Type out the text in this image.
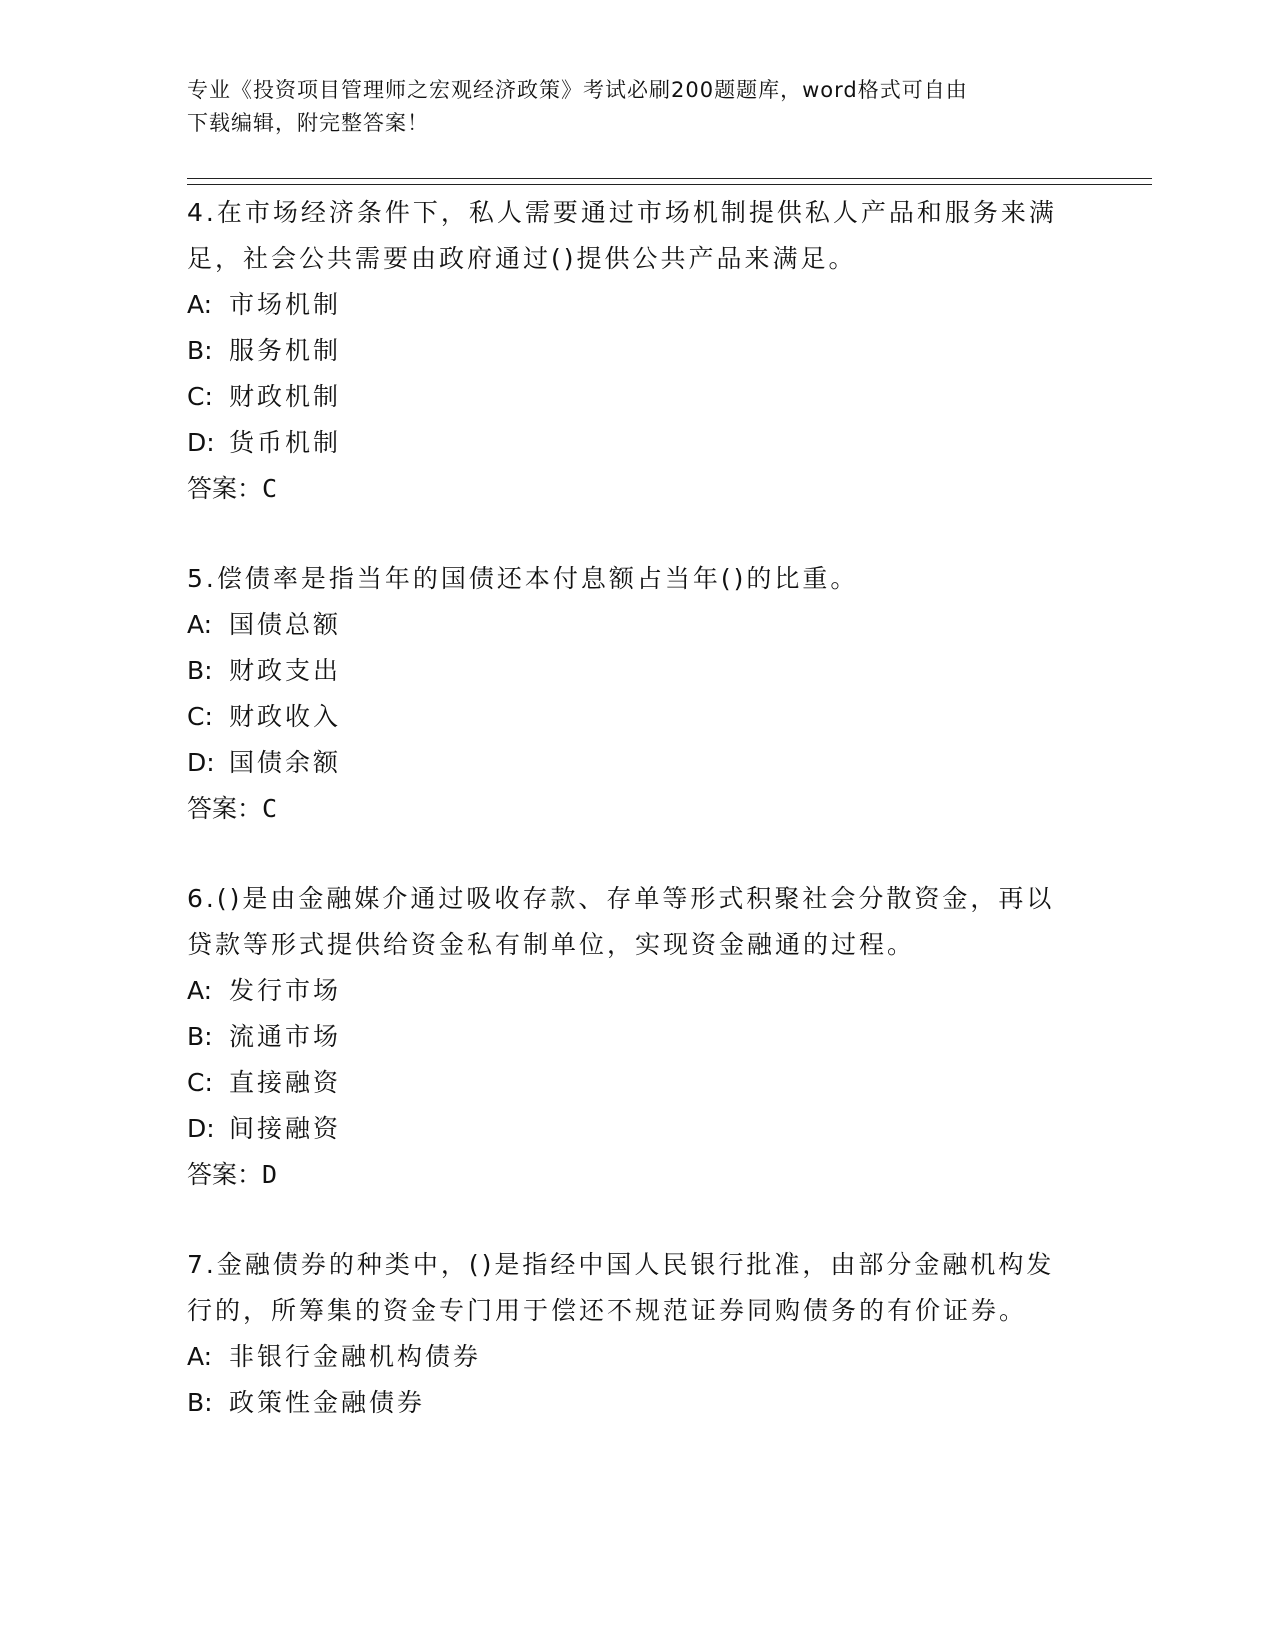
专业《投资项目管理师之宏观经济政策》考试必刷200题题库，word格式可自由
下载编辑，附完整答案！
4.在市场经济条件下，私人需要通过市场机制提供私人产品和服务来满足，社会公共需要由政府通过()提供公共产品来满足。
A: 市场机制
B: 服务机制
C: 财政机制
D: 货币机制
答案：C
5.偿债率是指当年的国债还本付息额占当年()的比重。
A: 国债总额
B: 财政支出
C: 财政收入
D: 国债余额
答案：C
6.()是由金融媒介通过吸收存款、存单等形式积聚社会分散资金，再以贷款等形式提供给资金私有制单位，实现资金融通的过程。
A: 发行市场
B: 流通市场
C: 直接融资
D: 间接融资
答案：D
7.金融债券的种类中，()是指经中国人民银行批准，由部分金融机构发行的，所筹集的资金专门用于偿还不规范证券同购债务的有价证券。
A: 非银行金融机构债券
B: 政策性金融债券
